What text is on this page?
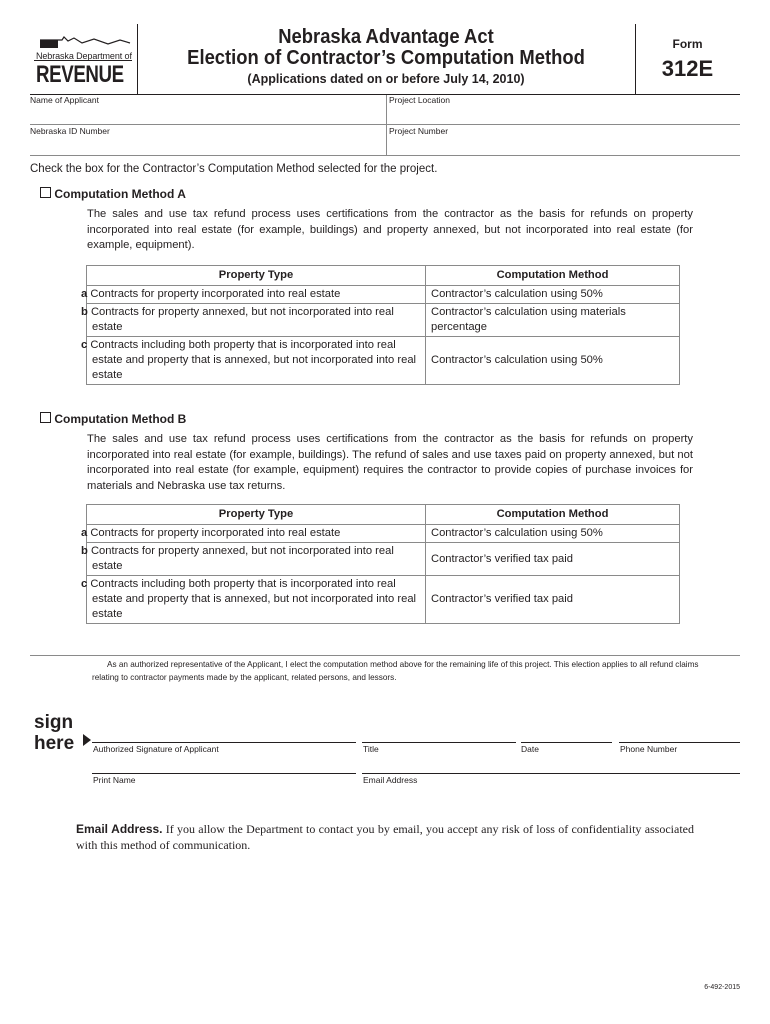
Nebraska Department of
REVENUE
Nebraska Advantage Act
Election of Contractor’s Computation Method
(Applications dated on or before July 14, 2010)
Form
312E
Name of Applicant	Project Location
Nebraska ID Number	Project Number
Check the box for the Contractor’s Computation Method selected for the project.
Computation Method A
The sales and use tax refund process uses certifications from the contractor as the basis for refunds on property incorporated into real estate (for example, buildings) and property annexed, but not incorporated into real estate (for example, equipment).
Property Type	Computation Method
a Contracts for property incorporated into real estate	Contractor’s calculation using 50%
b Contracts for property annexed, but not incorporated into real estate	Contractor’s calculation using materials percentage
c Contracts including both property that is incorporated into real estate and property that is annexed, but not incorporated into real estate	Contractor’s calculation using 50%
Computation Method B
The sales and use tax refund process uses certifications from the contractor as the basis for refunds on property incorporated into real estate (for example, buildings). The refund of sales and use taxes paid on property annexed, but not incorporated into real estate (for example, equipment) requires the contractor to provide copies of purchase invoices for materials and Nebraska use tax returns.
Property Type	Computation Method
a Contracts for property incorporated into real estate	Contractor’s calculation using 50%
b Contracts for property annexed, but not incorporated into real estate	Contractor’s verified tax paid
c Contracts including both property that is incorporated into real estate and property that is annexed, but not incorporated into real estate	Contractor’s verified tax paid
As an authorized representative of the Applicant, I elect the computation method above for the remaining life of this project. This election applies to all refund claims relating to contractor payments made by the applicant, related persons, and lessors.
sign
here Authorized Signature of Applicant	Title	Date	Phone Number
Print Name	Email Address
Email Address. If you allow the Department to contact you by email, you accept any risk of loss of confidentiality associated with this method of communication.
6-492-2015
